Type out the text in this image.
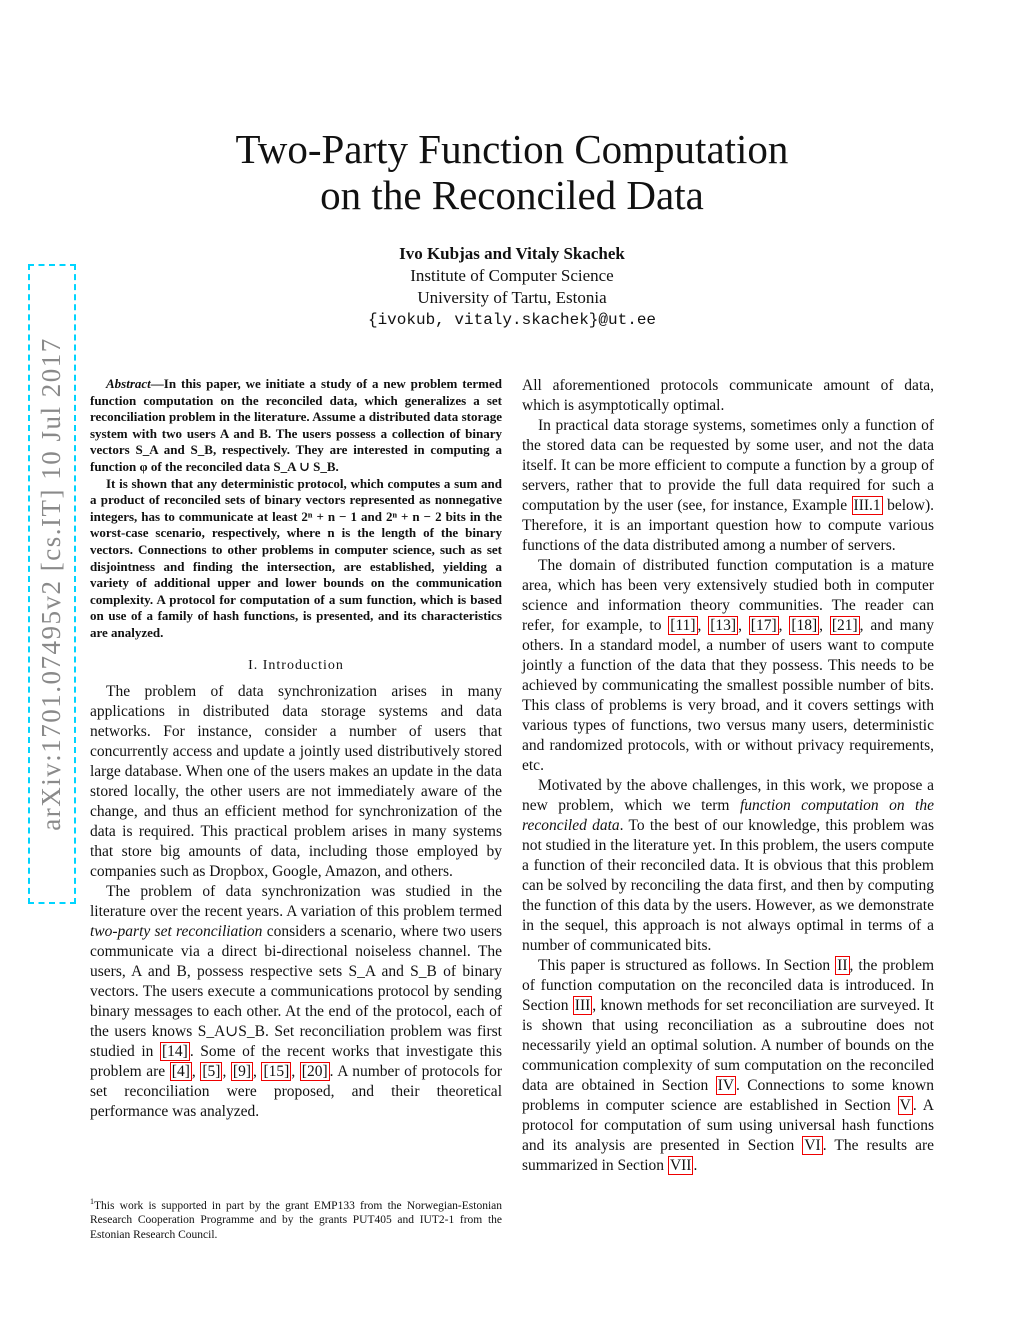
arXiv:1701.07495v2 [cs.IT] 10 Jul 2017
Two-Party Function Computation
on the Reconciled Data
Ivo Kubjas and Vitaly Skachek
Institute of Computer Science
University of Tartu, Estonia
{ivokub, vitaly.skachek}@ut.ee

Abstract—In this paper, we initiate a study of a new problem termed function computation on the reconciled data, which generalizes a set reconciliation problem in the literature. Assume a distributed data storage system with two users A and B. The users possess a collection of binary vectors S_A and S_B, respectively. They are interested in computing a function φ of the reconciled data S_A ∪ S_B.

It is shown that any deterministic protocol, which computes a sum and a product of reconciled sets of binary vectors represented as nonnegative integers, has to communicate at least 2ⁿ + n − 1 and 2ⁿ + n − 2 bits in the worst-case scenario, respectively, where n is the length of the binary vectors. Connections to other problems in computer science, such as set disjointness and finding the intersection, are established, yielding a variety of additional upper and lower bounds on the communication complexity. A protocol for computation of a sum function, which is based on use of a family of hash functions, is presented, and its characteristics are analyzed.

I. Introduction

The problem of data synchronization arises in many applications in distributed data storage systems and data networks. For instance, consider a number of users that concurrently access and update a jointly used distributively stored large database. When one of the users makes an update in the data stored locally, the other users are not immediately aware of the change, and thus an efficient method for synchronization of the data is required. This practical problem arises in many systems that store big amounts of data, including those employed by companies such as Dropbox, Google, Amazon, and others.

The problem of data synchronization was studied in the literature over the recent years. A variation of this problem termed two-party set reconciliation considers a scenario, where two users communicate via a direct bi-directional noiseless channel. The users, A and B, possess respective sets S_A and S_B of binary vectors. The users execute a communications protocol by sending binary messages to each other. At the end of the protocol, each of the users knows S_A∪S_B. Set reconciliation problem was first studied in [14] . Some of the recent works that investigate this problem are [4] , [5] , [9] , [15] , [20] . A number of protocols for set reconciliation were proposed, and their theoretical performance was analyzed.

$^1$This work is supported in part by the grant EMP133 from the Norwegian-Estonian Research Cooperation Programme and by the grants PUT405 and IUT2-1 from the Estonian Research Council.

All aforementioned protocols communicate amount of data, which is asymptotically optimal.

In practical data storage systems, sometimes only a function of the stored data can be requested by some user, and not the data itself. It can be more efficient to compute a function by a group of servers, rather that to provide the full data required for such a computation by the user (see, for instance, Example III.1 below). Therefore, it is an important question how to compute various functions of the data distributed among a number of servers.

The domain of distributed function computation is a mature area, which has been very extensively studied both in computer science and information theory communities. The reader can refer, for example, to [11] , [13] , [17] , [18] , [21] , and many others. In a standard model, a number of users want to compute jointly a function of the data that they possess. This needs to be achieved by communicating the smallest possible number of bits. This class of problems is very broad, and it covers settings with various types of functions, two versus many users, deterministic and randomized protocols, with or without privacy requirements, etc.

Motivated by the above challenges, in this work, we propose a new problem, which we term function computation on the reconciled data. To the best of our knowledge, this problem was not studied in the literature yet. In this problem, the users compute a function of their reconciled data. It is obvious that this problem can be solved by reconciling the data first, and then by computing the function of this data by the users. However, as we demonstrate in the sequel, this approach is not always optimal in terms of a number of communicated bits.

This paper is structured as follows. In Section II , the problem of function computation on the reconciled data is introduced. In Section III , known methods for set reconciliation are surveyed. It is shown that using reconciliation as a subroutine does not necessarily yield an optimal solution. A number of bounds on the communication complexity of sum computation on the reconciled data are obtained in Section IV . Connections to some known problems in computer science are established in Section V . A protocol for computation of sum using universal hash functions and its analysis are presented in Section VI . The results are summarized in Section VII .
